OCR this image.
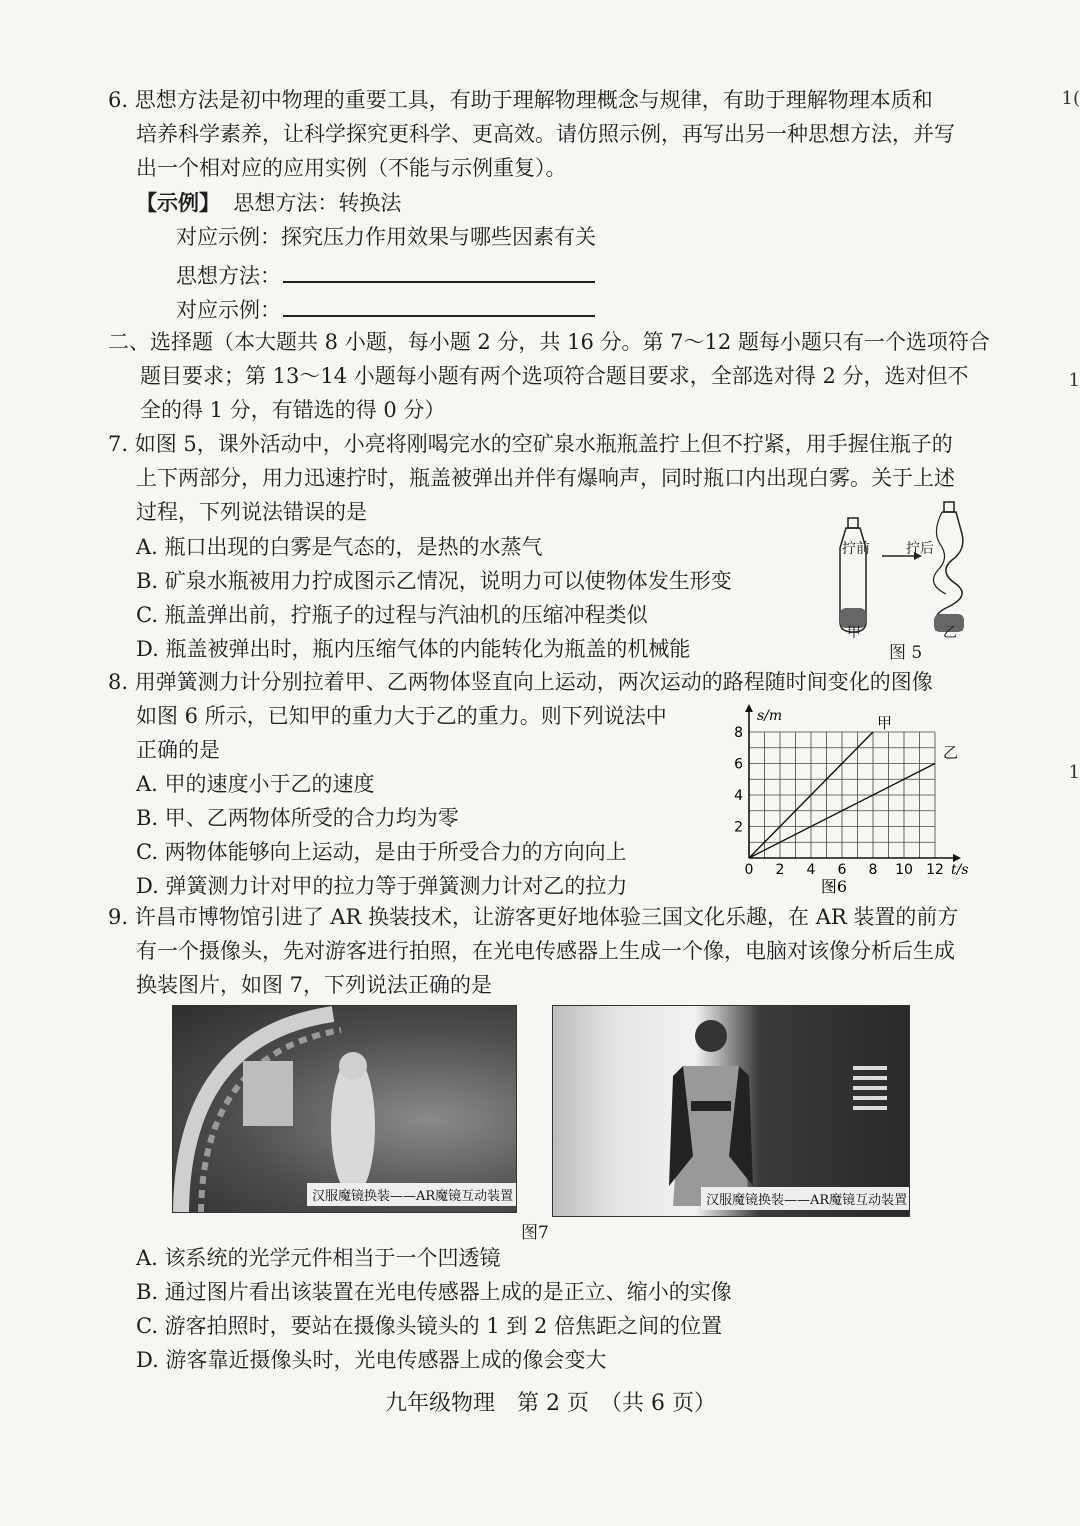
1(
1
1
6. 思想方法是初中物理的重要工具，有助于理解物理概念与规律，有助于理解物理本质和
培养科学素养，让科学探究更科学、更高效。请仿照示例，再写出另一种思想方法，并写
出一个相对应的应用实例（不能与示例重复）。
【示例】 思想方法：转换法
对应示例：探究压力作用效果与哪些因素有关
思想方法：
对应示例：
二、选择题（本大题共 8 小题，每小题 2 分，共 16 分。第 7～12 题每小题只有一个选项符合
题目要求；第 13～14 小题每小题有两个选项符合题目要求，全部选对得 2 分，选对但不
全的得 1 分，有错选的得 0 分）
7. 如图 5，课外活动中，小亮将刚喝完水的空矿泉水瓶瓶盖拧上但不拧紧，用手握住瓶子的
上下两部分，用力迅速拧时，瓶盖被弹出并伴有爆响声，同时瓶口内出现白雾。关于上述
过程，下列说法错误的是
A. 瓶口出现的白雾是气态的，是热的水蒸气
B. 矿泉水瓶被用力拧成图示乙情况，说明力可以使物体发生形变
C. 瓶盖弹出前，拧瓶子的过程与汽油机的压缩冲程类似
D. 瓶盖被弹出时，瓶内压缩气体的内能转化为瓶盖的机械能
拧前	拧后
甲	乙
图 5
8. 用弹簧测力计分别拉着甲、乙两物体竖直向上运动，两次运动的路程随时间变化的图像
如图 6 所示，已知甲的重力大于乙的重力。则下列说法中
正确的是
A. 甲的速度小于乙的速度
B. 甲、乙两物体所受的合力均为零
C. 两物体能够向上运动，是由于所受合力的方向向上
D. 弹簧测力计对甲的拉力等于弹簧测力计对乙的拉力
甲
乙
0 2 4 6 8 10 12
2
4
6
8
t/s
s/m
图6
9. 许昌市博物馆引进了 AR 换装技术，让游客更好地体验三国文化乐趣，在 AR 装置的前方
有一个摄像头，先对游客进行拍照，在光电传感器上生成一个像，电脑对该像分析后生成
换装图片，如图 7，下列说法正确的是
汉服魔镜换装——AR魔镜互动装置	汉服魔镜换装——AR魔镜互动装置
图7
A. 该系统的光学元件相当于一个凹透镜
B. 通过图片看出该装置在光电传感器上成的是正立、缩小的实像
C. 游客拍照时，要站在摄像头镜头的 1 到 2 倍焦距之间的位置
D. 游客靠近摄像头时，光电传感器上成的像会变大
九年级物理　第 2 页　（共 6 页）
